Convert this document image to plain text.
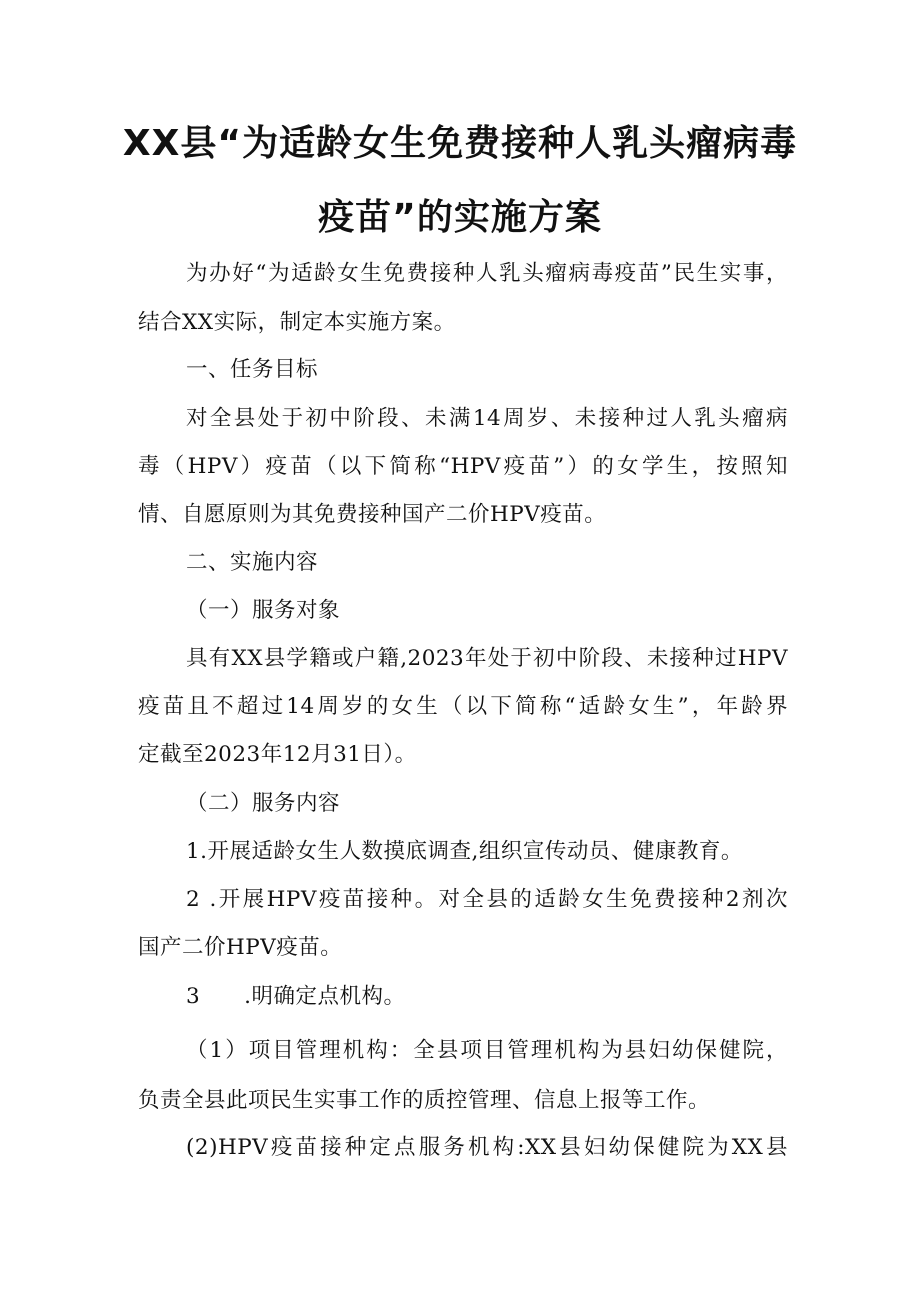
XX县“为适龄女生免费接种人乳头瘤病毒
疫苗”的实施方案
为办好“为适龄女生免费接种人乳头瘤病毒疫苗”民生实事，
结合XX实际，制定本实施方案。
一、任务目标
对全县处于初中阶段、未满14周岁、未接种过人乳头瘤病
毒（HPV）疫苗（以下简称“HPV疫苗”）的女学生，按照知
情、自愿原则为其免费接种国产二价HPV疫苗。
二、实施内容
（一）服务对象
具有XX县学籍或户籍,2023年处于初中阶段、未接种过HPV
疫苗且不超过14周岁的女生（以下简称“适龄女生”，年龄界
定截至2023年12月31日）。
（二）服务内容
1.开展适龄女生人数摸底调查,组织宣传动员、健康教育。
2 .开展HPV疫苗接种。对全县的适龄女生免费接种2剂次
国产二价HPV疫苗。
3　　.明确定点机构。
（1）项目管理机构：全县项目管理机构为县妇幼保健院，
负责全县此项民生实事工作的质控管理、信息上报等工作。
(2)HPV疫苗接种定点服务机构:XX县妇幼保健院为XX县
